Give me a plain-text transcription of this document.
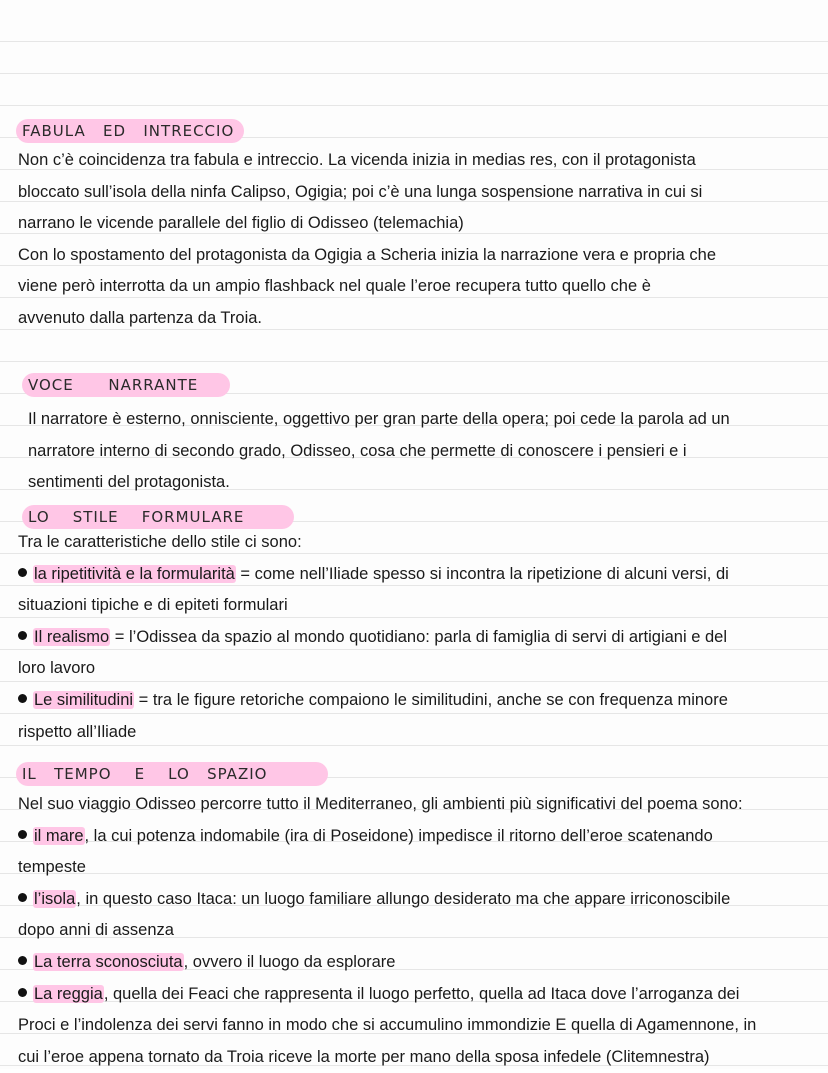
FABULA   ED   INTRECCIO
Non c’è coincidenza tra fabula e intreccio. La vicenda inizia in medias res, con il protagonista
bloccato sull’isola della ninfa Calipso, Ogigia; poi c’è una lunga sospensione narrativa in cui si
narrano le vicende parallele del figlio di Odisseo (telemachia)
Con lo spostamento del protagonista da Ogigia a Scheria inizia la narrazione vera e propria che
viene però interrotta da un ampio flashback nel quale l’eroe recupera tutto quello che è
avvenuto dalla partenza da Troia.
VOCE      NARRANTE
Il narratore è esterno, onnisciente, oggettivo per gran parte della opera; poi cede la parola ad un
narratore interno di secondo grado, Odisseo, cosa che permette di conoscere i pensieri e i
sentimenti del protagonista.
LO    STILE    FORMULARE
Tra le caratteristiche dello stile ci sono:
la ripetitività e la formularità = come nell’Iliade spesso si incontra la ripetizione di alcuni versi, di
situazioni tipiche e di epiteti formulari
Il realismo = l’Odissea da spazio al mondo quotidiano: parla di famiglia di servi di artigiani e del
loro lavoro
Le similitudini = tra le figure retoriche compaiono le similitudini, anche se con frequenza minore
rispetto all’Iliade
IL   TEMPO    E    LO   SPAZIO
Nel suo viaggio Odisseo percorre tutto il Mediterraneo, gli ambienti più significativi del poema sono:
il mare, la cui potenza indomabile (ira di Poseidone) impedisce il ritorno dell’eroe scatenando
tempeste
l’isola, in questo caso Itaca: un luogo familiare allungo desiderato ma che appare irriconoscibile
dopo anni di assenza
La terra sconosciuta, ovvero il luogo da esplorare
La reggia, quella dei Feaci che rappresenta il luogo perfetto, quella ad Itaca dove l’arroganza dei
Proci e l’indolenza dei servi fanno in modo che si accumulino immondizie E quella di Agamennone, in
cui l’eroe appena tornato da Troia riceve la morte per mano della sposa infedele (Clitemnestra)
